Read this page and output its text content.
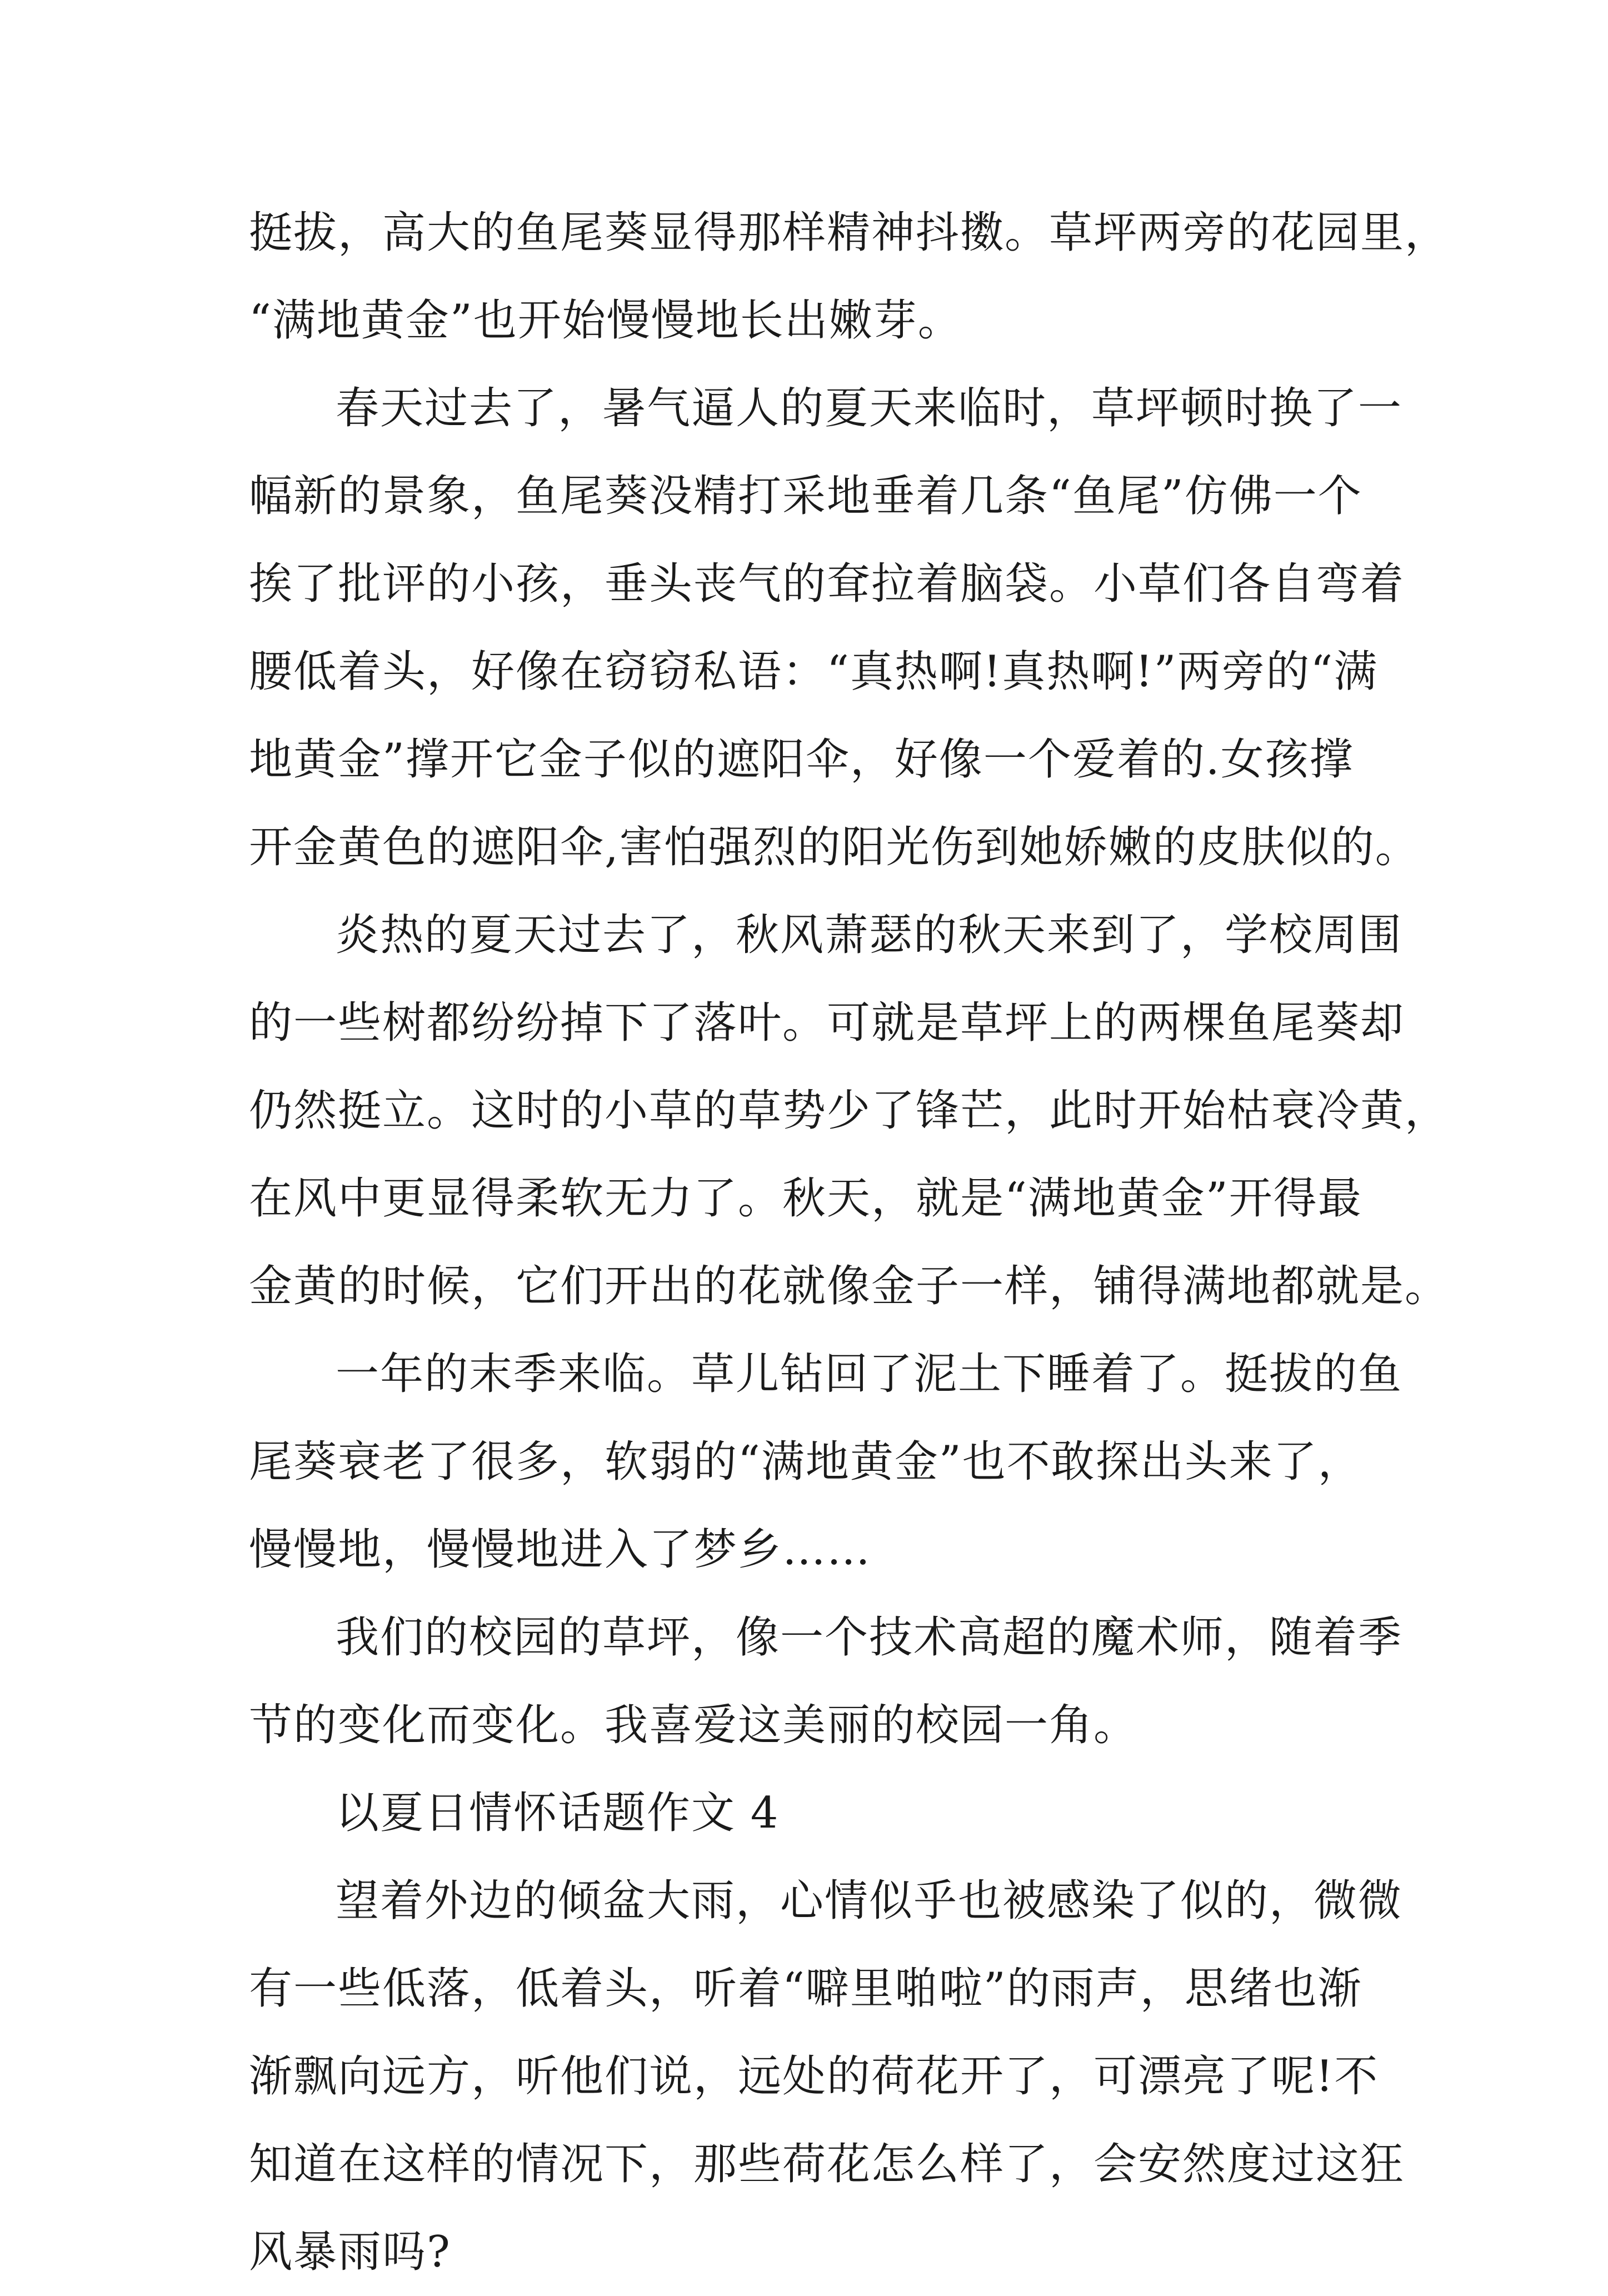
挺拔，高大的鱼尾葵显得那样精神抖擞。草坪两旁的花园里，
“满地黄金”也开始慢慢地长出嫩芽。
春天过去了，暑气逼人的夏天来临时，草坪顿时换了一
幅新的景象，鱼尾葵没精打采地垂着几条“鱼尾”仿佛一个
挨了批评的小孩，垂头丧气的耷拉着脑袋。小草们各自弯着
腰低着头，好像在窃窃私语：“真热啊!真热啊!”两旁的“满
地黄金”撑开它金子似的遮阳伞，好像一个爱着的.女孩撑
开金黄色的遮阳伞,害怕强烈的阳光伤到她娇嫩的皮肤似的。
炎热的夏天过去了，秋风萧瑟的秋天来到了，学校周围
的一些树都纷纷掉下了落叶。可就是草坪上的两棵鱼尾葵却
仍然挺立。这时的小草的草势少了锋芒，此时开始枯衰冷黄，
在风中更显得柔软无力了。秋天，就是“满地黄金”开得最
金黄的时候，它们开出的花就像金子一样，铺得满地都就是。
一年的末季来临。草儿钻回了泥土下睡着了。挺拔的鱼
尾葵衰老了很多，软弱的“满地黄金”也不敢探出头来了，
慢慢地，慢慢地进入了梦乡……
我们的校园的草坪，像一个技术高超的魔术师，随着季
节的变化而变化。我喜爱这美丽的校园一角。
以夏日情怀话题作文 4
望着外边的倾盆大雨，心情似乎也被感染了似的，微微
有一些低落，低着头，听着“噼里啪啦”的雨声，思绪也渐
渐飘向远方，听他们说，远处的荷花开了，可漂亮了呢!不
知道在这样的情况下，那些荷花怎么样了，会安然度过这狂
风暴雨吗?
